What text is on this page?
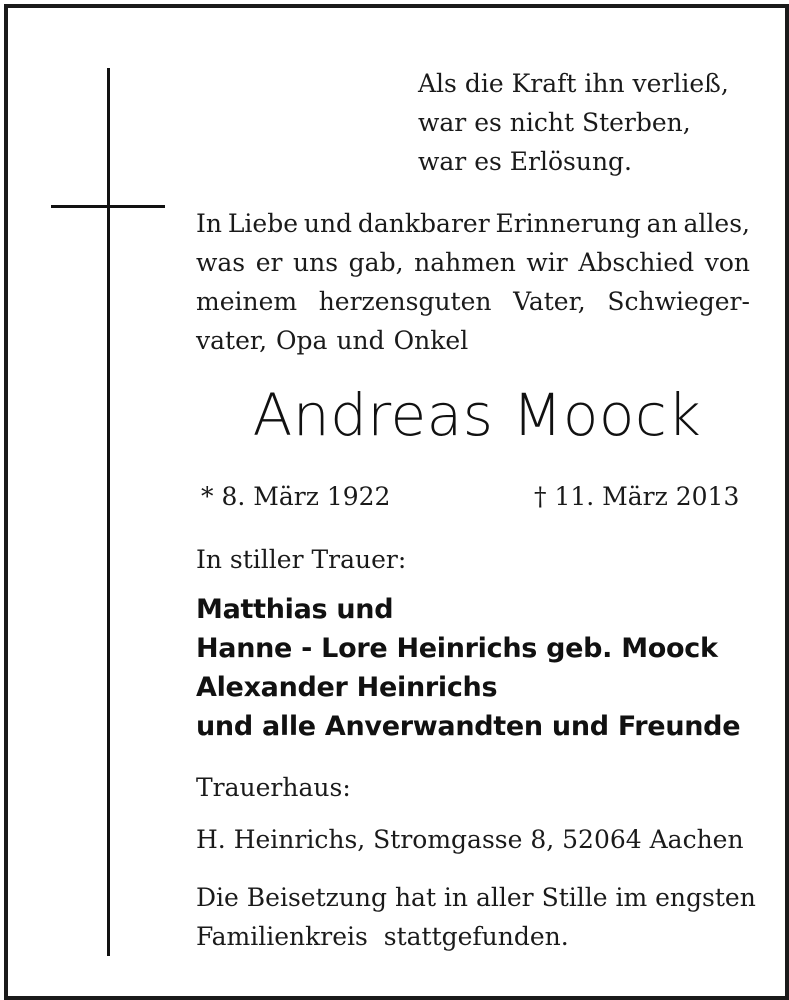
Als die Kraft ihn verließ,
war es nicht Sterben,
war es Erlösung.
In Liebe und dankbarer Erinnerung an alles,
was er uns gab, nahmen wir Abschied von
meinem herzensguten Vater, Schwieger-
vater, Opa und Onkel
Andreas Moock
* 8. März 1922	† 11. März 2013
In stiller Trauer:
Matthias und
Hanne - Lore Heinrichs geb. Moock
Alexander Heinrichs
und alle Anverwandten und Freunde
Trauerhaus:
H. Heinrichs, Stromgasse 8, 52064 Aachen
Die Beisetzung hat in aller Stille im engsten
Familienkreis  stattgefunden.
